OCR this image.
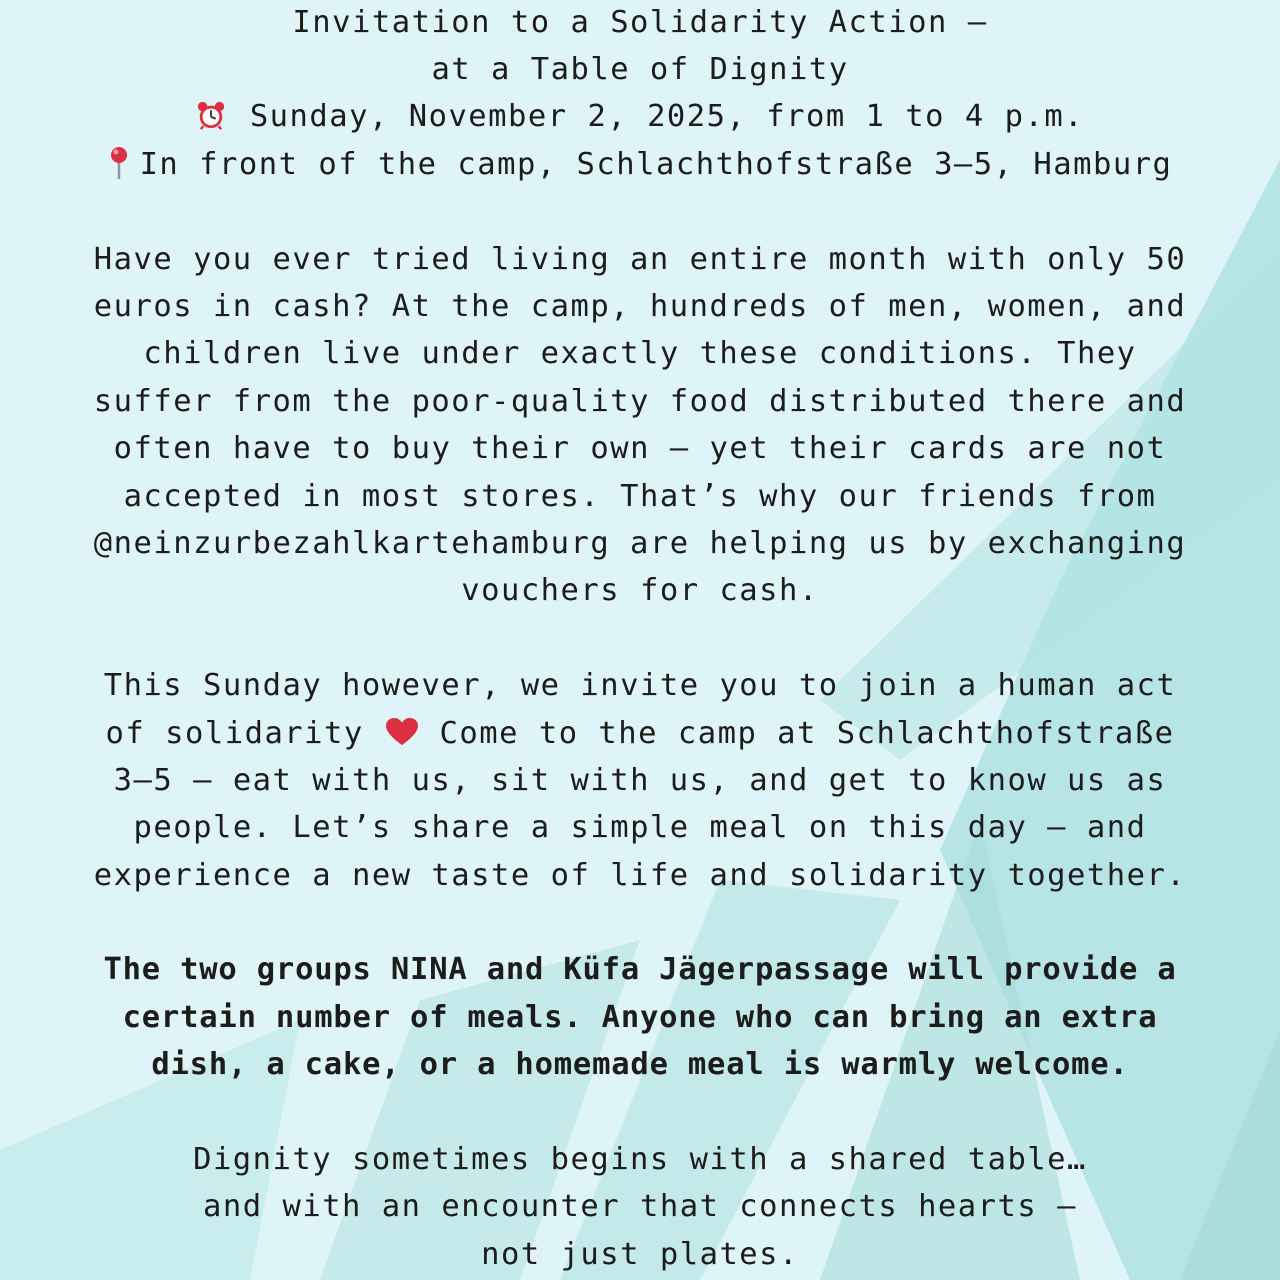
Invitation to a Solidarity Action –
at a Table of Dignity
Sunday, November 2, 2025, from 1 to 4 p.m.
In front of the camp, Schlachthofstraße 3–5, Hamburg
Have you ever tried living an entire month with only 50
euros in cash? At the camp, hundreds of men, women, and
children live under exactly these conditions. They
suffer from the poor-quality food distributed there and
often have to buy their own – yet their cards are not
accepted in most stores. That’s why our friends from
@neinzurbezahlkartehamburg are helping us by exchanging
vouchers for cash.
This Sunday however, we invite you to join a human act
of solidarity Come to the camp at Schlachthofstraße
3–5 – eat with us, sit with us, and get to know us as
people. Let’s share a simple meal on this day – and
experience a new taste of life and solidarity together.
The two groups NINA and Küfa Jägerpassage will provide a
certain number of meals. Anyone who can bring an extra
dish, a cake, or a homemade meal is warmly welcome.
Dignity sometimes begins with a shared table…
and with an encounter that connects hearts –
not just plates.
